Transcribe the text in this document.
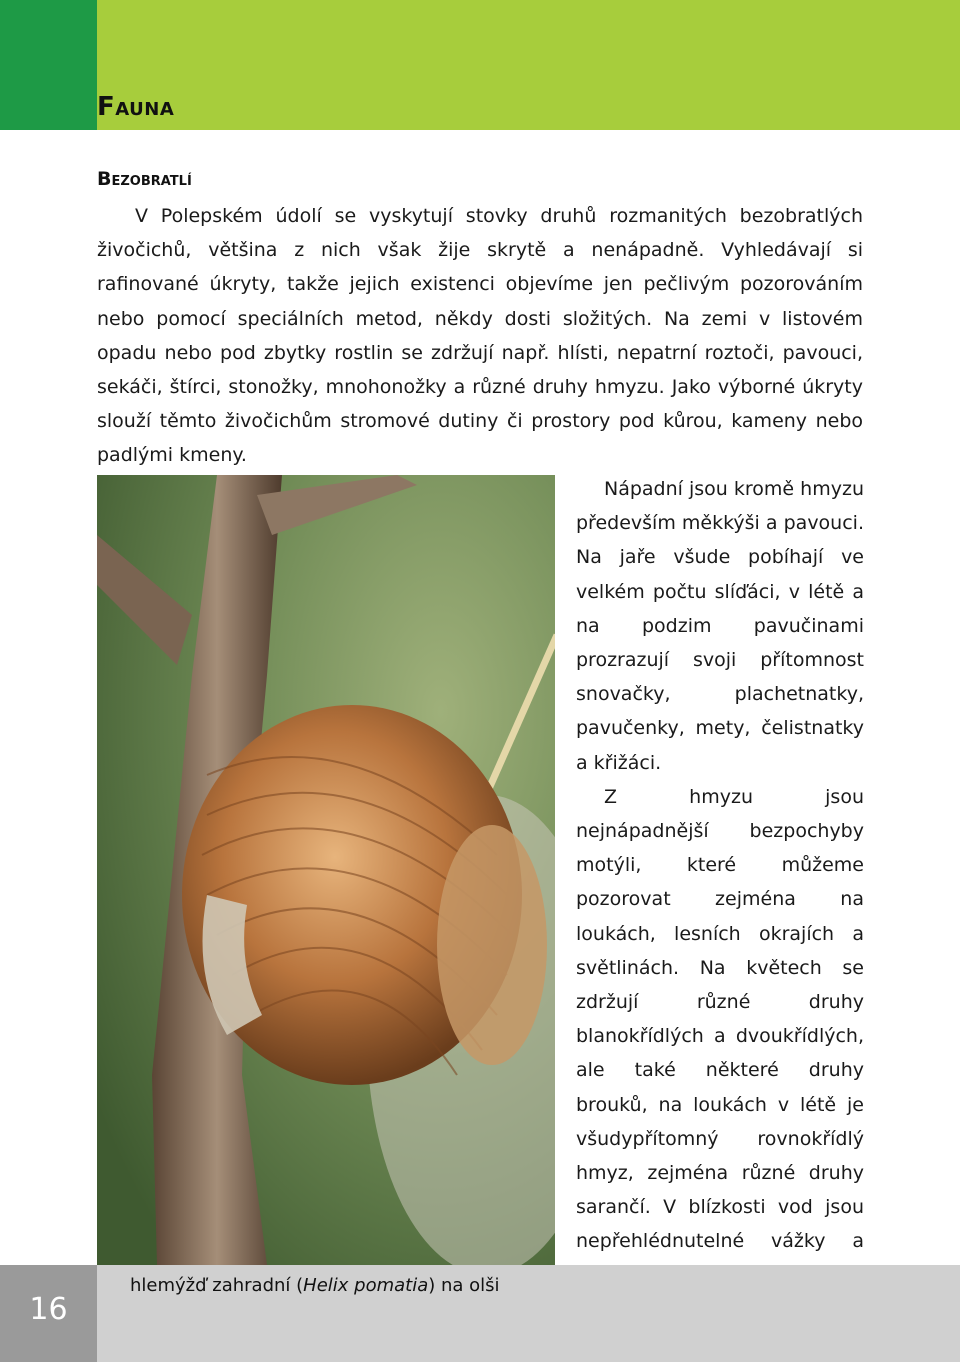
Fauna
Bezobratlí

V Polepském údolí se vyskytují stovky druhů rozmanitých bezobratlých živočichů, většina z nich však žije skrytě a nenápadně. Vyhledávají si rafinované úkryty, takže jejich existenci objevíme jen pečlivým pozorováním nebo pomocí speciálních metod, někdy dosti složitých. Na zemi v listovém opadu nebo pod zbytky rostlin se zdržují např. hlísti, nepatrní roztoči, pavouci, sekáči, štírci, stonožky, mnohonožky a různé druhy hmyzu. Jako výborné úkryty slouží těmto živočichům stromové dutiny či prostory pod kůrou, kameny nebo padlými kmeny.

Nápadní jsou kromě hmyzu především měkkýši a pavouci. Na jaře všude pobíhají ve velkém počtu slíďáci, v létě a na podzim pavučinami prozrazují svoji přítomnost snovačky, plachetnatky, pavučenky, mety, čelistnatky a křižáci.

Z hmyzu jsou nejnápadnější bezpochyby motýli, které můžeme pozorovat zejména na loukách, lesních okrajích a světlinách. Na květech se zdržují různé druhy blanokřídlých a dvoukřídlých, ale také některé druhy brouků, na loukách v létě je všudypřítomný rovnokřídlý hmyz, zejména různé druhy sarančí. V blízkosti vod jsou nepřehlédnutelné vážky a

16

hlemýžď zahradní (Helix pomatia) na olši
